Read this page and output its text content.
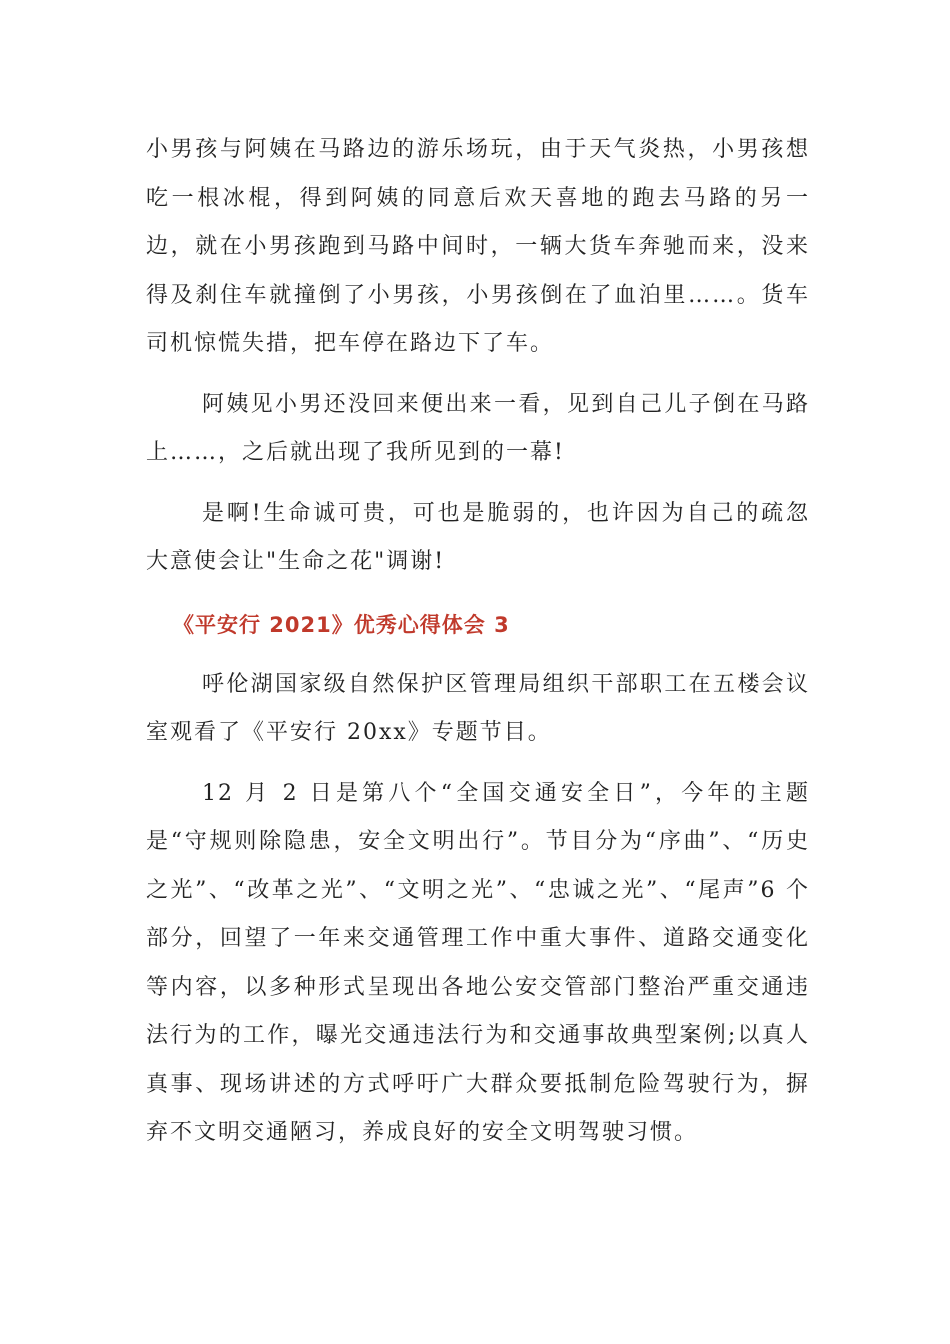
小男孩与阿姨在马路边的游乐场玩，由于天气炎热，小男孩想吃一根冰棍，得到阿姨的同意后欢天喜地的跑去马路的另一边，就在小男孩跑到马路中间时，一辆大货车奔驰而来，没来得及刹住车就撞倒了小男孩，小男孩倒在了血泊里……。货车司机惊慌失措，把车停在路边下了车。

阿姨见小男还没回来便出来一看，见到自己儿子倒在马路上……，之后就出现了我所见到的一幕!

是啊!生命诚可贵，可也是脆弱的，也许因为自己的疏忽大意使会让"生命之花"调谢!

《平安行 2021》优秀心得体会 3

呼伦湖国家级自然保护区管理局组织干部职工在五楼会议室观看了《平安行 20xx》专题节目。

12 月 2 日是第八个“全国交通安全日”，今年的主题是“守规则除隐患，安全文明出行”。节目分为“序曲”、“历史之光”、“改革之光”、“文明之光”、“忠诚之光”、“尾声”6 个部分，回望了一年来交通管理工作中重大事件、道路交通变化等内容，以多种形式呈现出各地公安交管部门整治严重交通违法行为的工作，曝光交通违法行为和交通事故典型案例;以真人真事、现场讲述的方式呼吁广大群众要抵制危险驾驶行为，摒弃不文明交通陋习，养成良好的安全文明驾驶习惯。
